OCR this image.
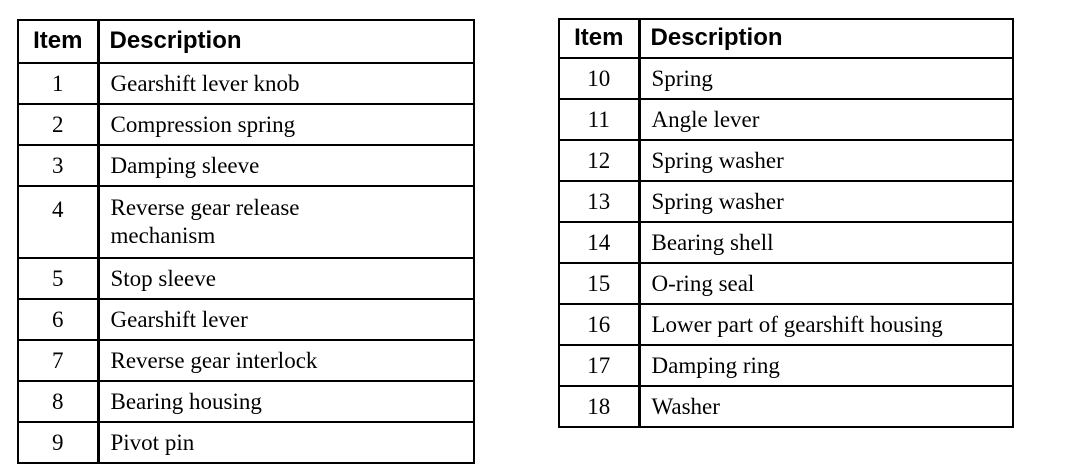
Item	Description
1	Gearshift lever knob
2	Compression spring
3	Damping sleeve
4	Reverse gear release
mechanism

5	Stop sleeve
6	Gearshift lever
7	Reverse gear interlock
8	Bearing housing
9	Pivot pin
Item	Description
10	Spring
11	Angle lever
12	Spring washer
13	Spring washer
14	Bearing shell
15	O-ring seal
16	Lower part of gearshift housing
17	Damping ring
18	Washer
